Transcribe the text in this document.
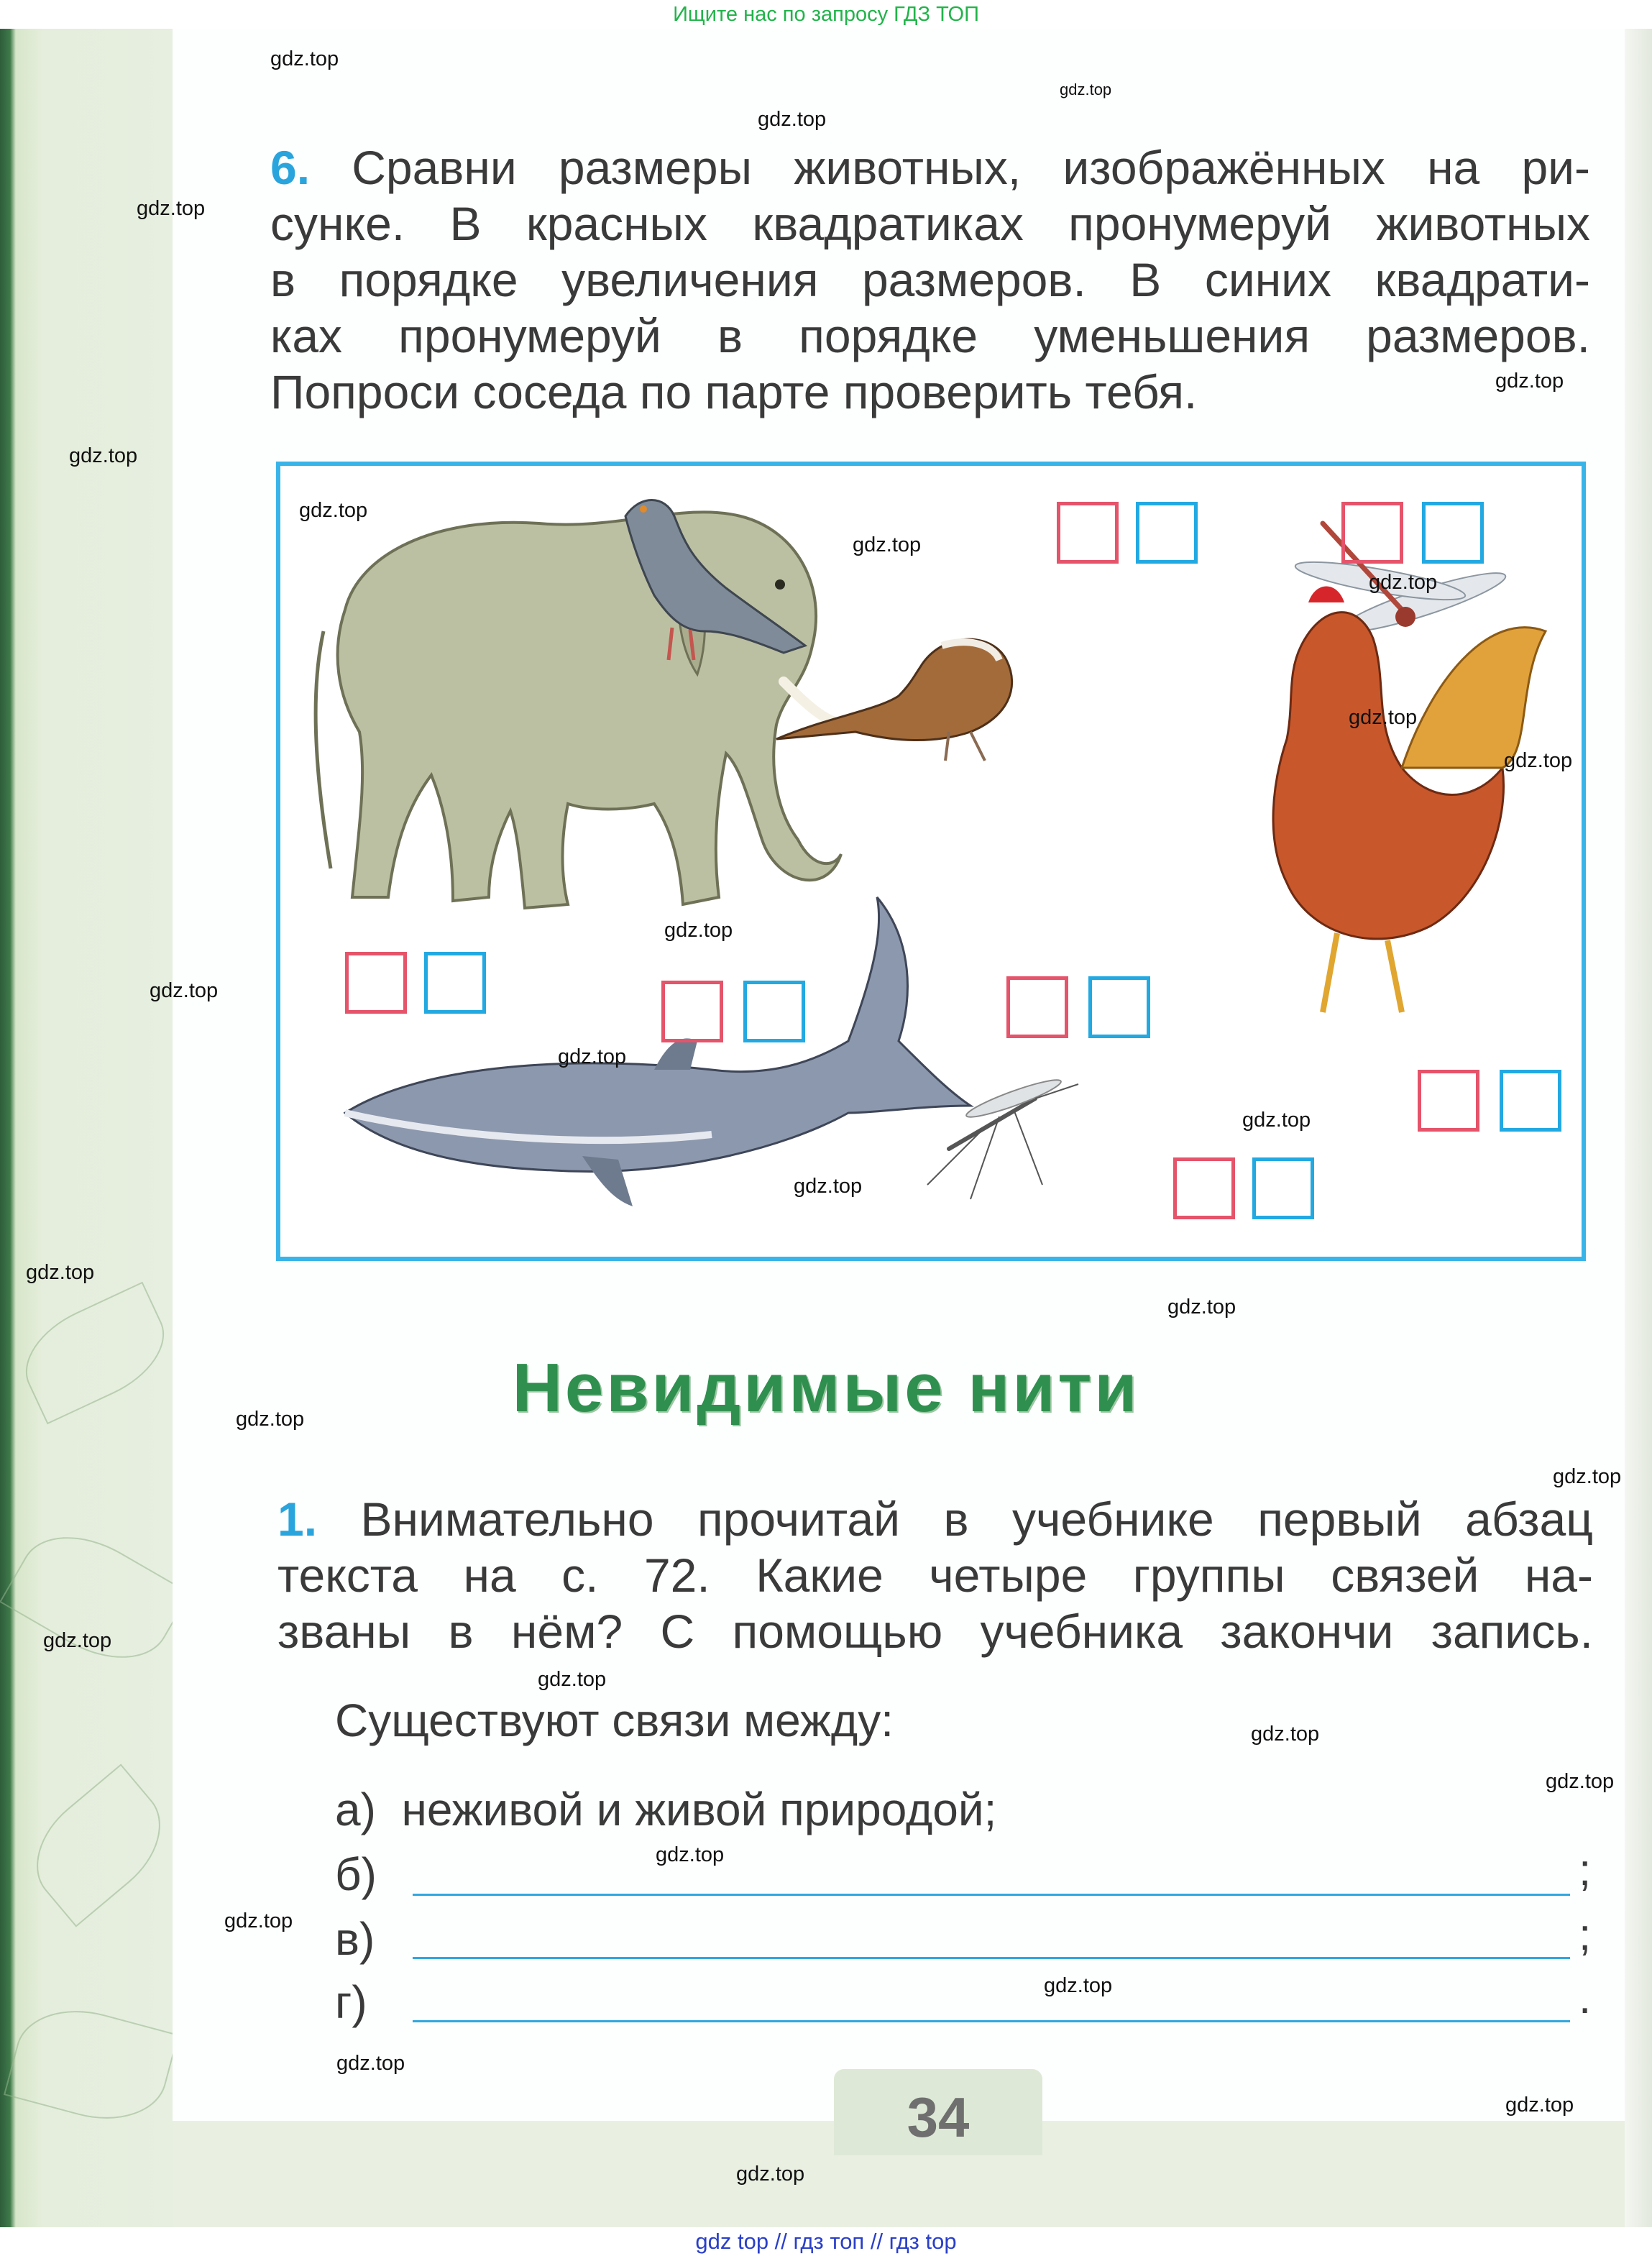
Ищите нас по запросу ГДЗ ТОП
6. Сравни размеры животных, изображённых на ри-
сунке. В красных квадратиках пронумеруй животных
в порядке увеличения размеров. В синих квадрати-
ках пронумеруй в порядке уменьшения размеров.
Попроси соседа по парте проверить тебя.
Невидимые нити
1. Внимательно прочитай в учебнике первый абзац
текста на с. 72. Какие четыре группы связей на-
званы в нём? С помощью учебника закончи запись.
Существуют связи между:
а) неживой и живой природой;
б)	;
в)	;
г)	.
34
gdz.top
gdz.top
gdz.top
gdz.top
gdz.top
gdz.top
gdz.top
gdz.top
gdz.top
gdz.top
gdz.top
gdz.top
gdz.top
gdz.top
gdz.top
gdz.top
gdz.top
gdz.top
gdz.top
gdz.top
gdz.top
gdz.top
gdz.top
gdz.top
gdz.top
gdz.top
gdz.top
gdz.top
gdz.top
gdz.top
gdz top // гдз топ // гдз top
